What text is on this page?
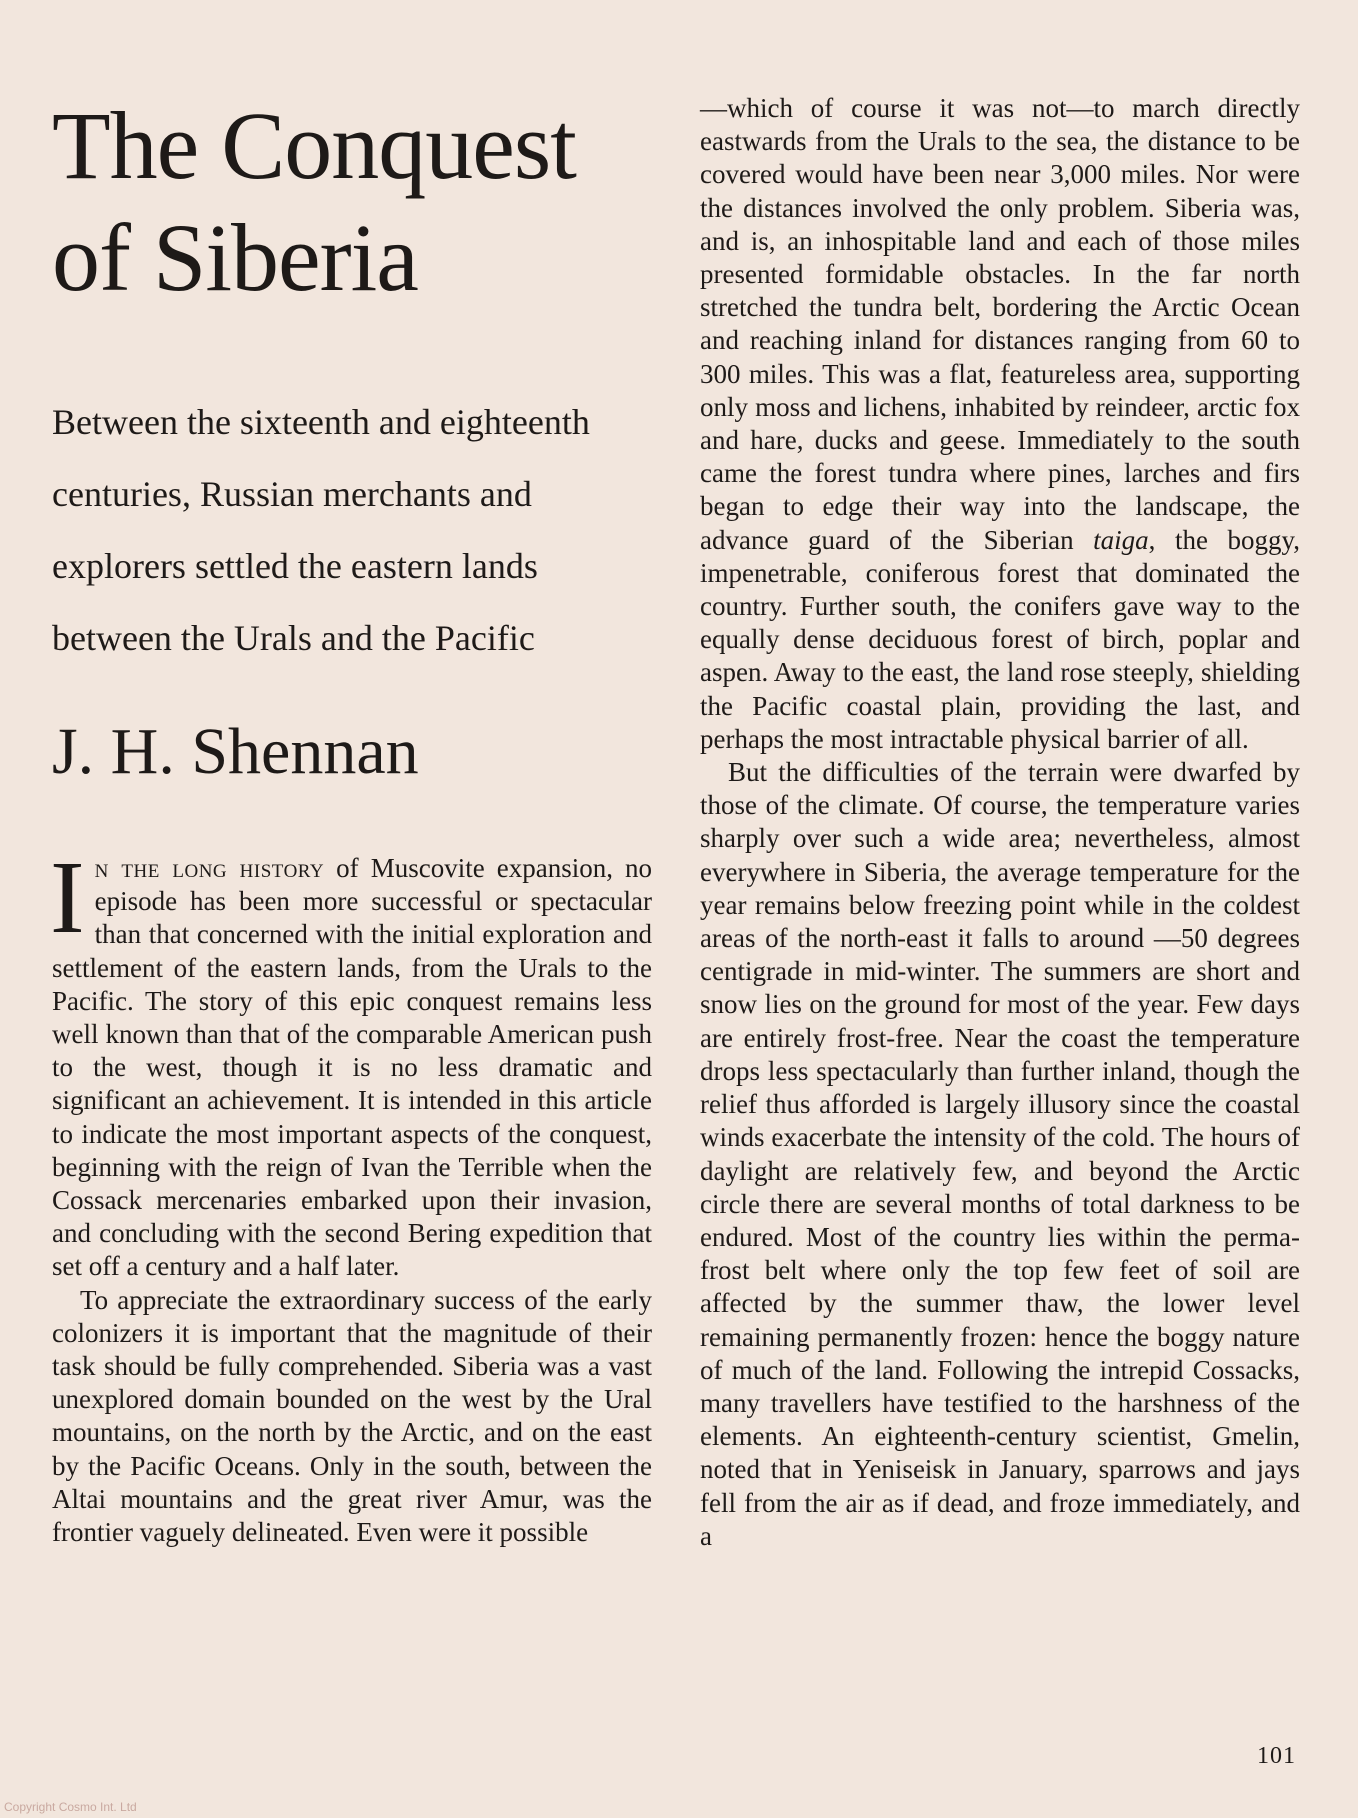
The Conquest
of Siberia
Between the sixteenth and eighteenth centuries, Russian merchants and explorers settled the eastern lands between the Urals and the Pacific
J. H. Shennan

In the long history of Muscovite expansion, no episode has been more successful or spectacular than that concerned with the initial exploration and settlement of the eastern lands, from the Urals to the Pacific. The story of this epic conquest remains less well known than that of the comparable American push to the west, though it is no less dramatic and significant an achievement. It is intended in this article to indicate the most important aspects of the conquest, beginning with the reign of Ivan the Terrible when the Cossack mercenaries embarked upon their invasion, and concluding with the second Bering expedition that set off a century and a half later.

To appreciate the extraordinary success of the early colonizers it is important that the magnitude of their task should be fully comprehended. Siberia was a vast unexplored domain bounded on the west by the Ural mountains, on the north by the Arctic, and on the east by the Pacific Oceans. Only in the south, between the Altai mountains and the great river Amur, was the frontier vaguely delineated. Even were it possible

—which of course it was not—to march directly eastwards from the Urals to the sea, the distance to be covered would have been near 3,000 miles. Nor were the distances involved the only problem. Siberia was, and is, an inhospitable land and each of those miles presented formidable obstacles. In the far north stretched the tundra belt, bordering the Arctic Ocean and reaching inland for distances ranging from 60 to 300 miles. This was a flat, featureless area, supporting only moss and lichens, inhabited by reindeer, arctic fox and hare, ducks and geese. Immediately to the south came the forest tundra where pines, larches and firs began to edge their way into the landscape, the advance guard of the Siberian taiga, the boggy, impenetrable, coniferous forest that dominated the country. Further south, the conifers gave way to the equally dense deciduous forest of birch, poplar and aspen. Away to the east, the land rose steeply, shielding the Pacific coastal plain, providing the last, and perhaps the most intractable physical barrier of all.

But the difficulties of the terrain were dwarfed by those of the climate. Of course, the temperature varies sharply over such a wide area; nevertheless, almost everywhere in Siberia, the average temperature for the year remains below freezing point while in the coldest areas of the north-east it falls to around —50 degrees centigrade in mid-winter. The summers are short and snow lies on the ground for most of the year. Few days are entirely frost-free. Near the coast the temperature drops less spectacularly than further inland, though the relief thus afforded is largely illusory since the coastal winds exacerbate the intensity of the cold. The hours of daylight are relatively few, and beyond the Arctic circle there are several months of total darkness to be endured. Most of the country lies within the perma-frost belt where only the top few feet of soil are affected by the summer thaw, the lower level remaining permanently frozen: hence the boggy nature of much of the land. Following the intrepid Cossacks, many travellers have testified to the harshness of the elements. An eighteenth-century scientist, Gmelin, noted that in Yeniseisk in January, sparrows and jays fell from the air as if dead, and froze immediately, and a

101
Copyright Cosmo Int. Ltd
